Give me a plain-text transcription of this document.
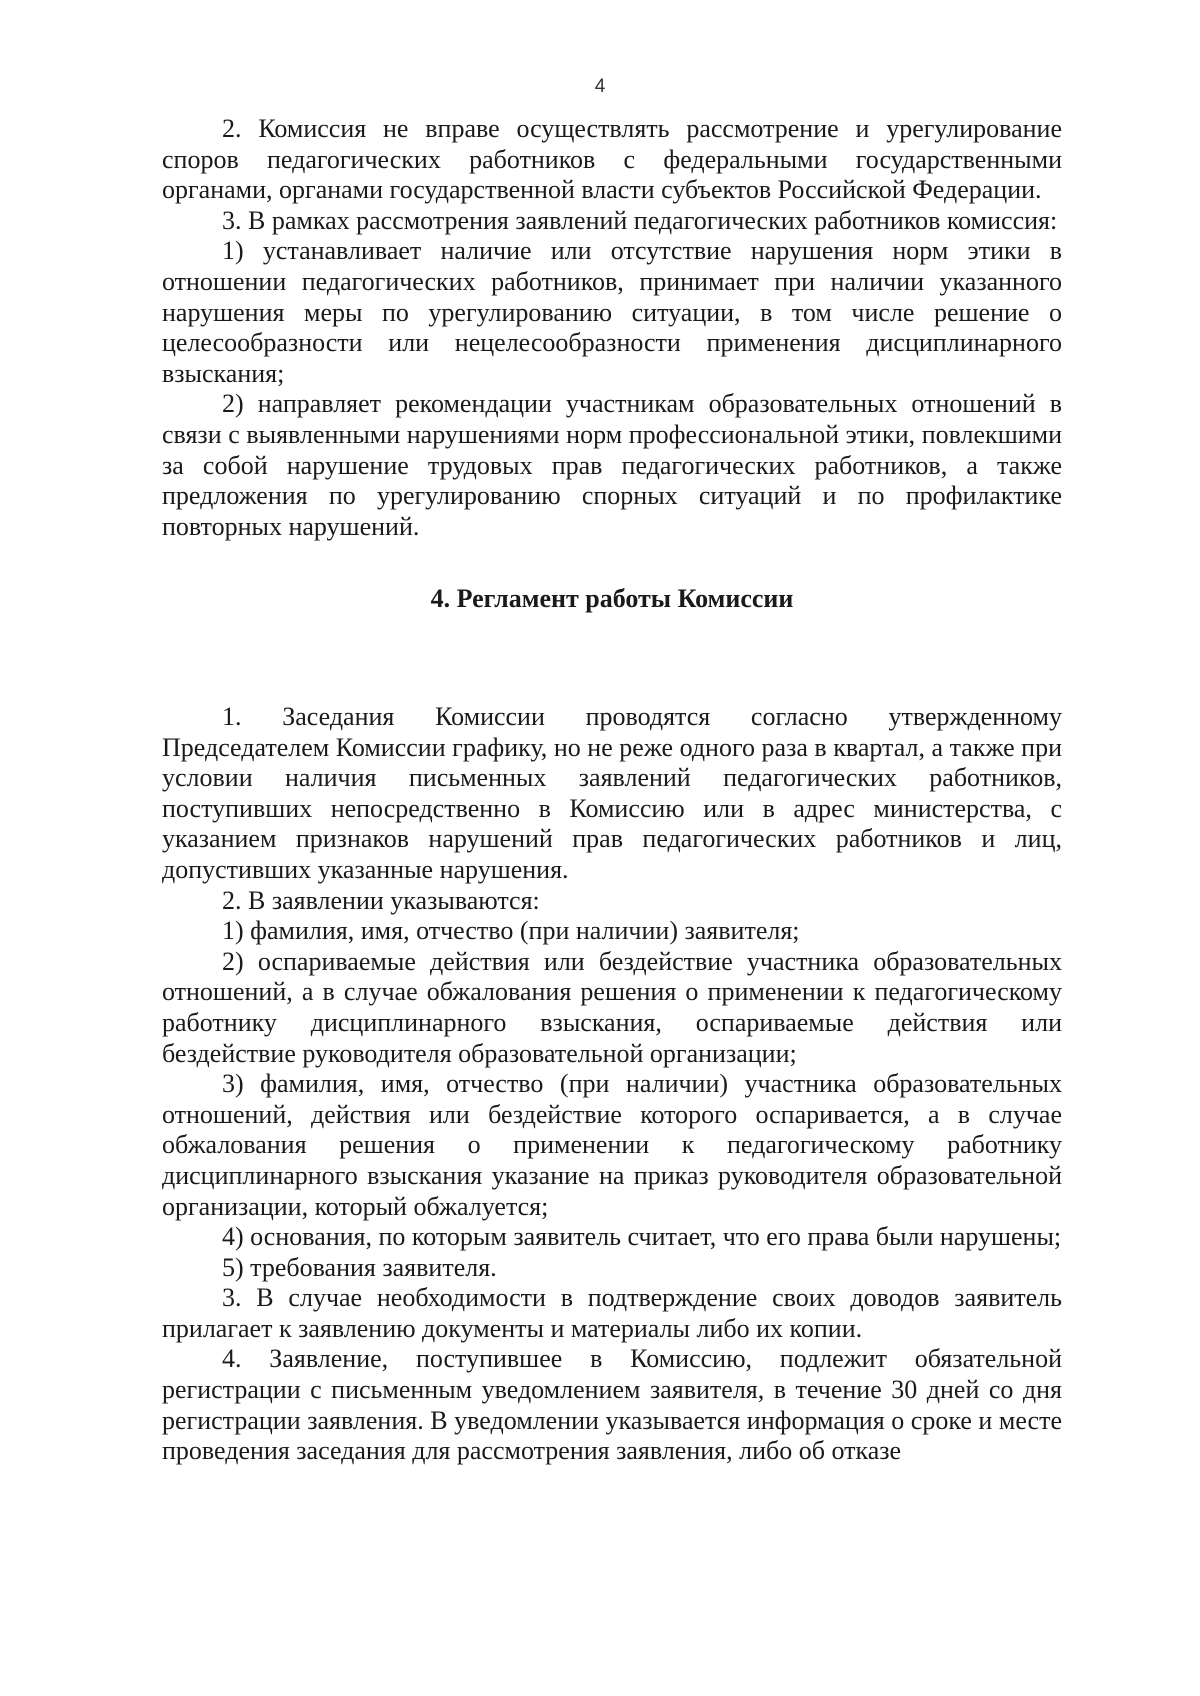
4

2. Комиссия не вправе осуществлять рассмотрение и урегулирование споров педагогических работников с федеральными государственными органами, органами государственной власти субъектов Российской Федерации.

3. В рамках рассмотрения заявлений педагогических работников комиссия:

1) устанавливает наличие или отсутствие нарушения норм этики в отношении педагогических работников, принимает при наличии указанного нарушения меры по урегулированию ситуации, в том числе решение о целесообразности или нецелесообразности применения дисциплинарного взыскания;

2) направляет рекомендации участникам образовательных отношений в связи с выявленными нарушениями норм профессиональной этики, повлекшими за собой нарушение трудовых прав педагогических работников, а также предложения по урегулированию спорных ситуаций и по профилактике повторных нарушений.

4. Регламент работы Комиссии

1. Заседания Комиссии проводятся согласно утвержденному Председателем Комиссии графику, но не реже одного раза в квартал, а также при условии наличия письменных заявлений педагогических работников, поступивших непосредственно в Комиссию или в адрес министерства, с указанием признаков нарушений прав педагогических работников и лиц, допустивших указанные нарушения.

2. В заявлении указываются:

1) фамилия, имя, отчество (при наличии) заявителя;

2) оспариваемые действия или бездействие участника образовательных отношений, а в случае обжалования решения о применении к педагогическому работнику дисциплинарного взыскания, оспариваемые действия или бездействие руководителя образовательной организации;

3) фамилия, имя, отчество (при наличии) участника образовательных отношений, действия или бездействие которого оспаривается, а в случае обжалования решения о применении к педагогическому работнику дисциплинарного взыскания указание на приказ руководителя образовательной организации, который обжалуется;

4) основания, по которым заявитель считает, что его права были нарушены;

5) требования заявителя.

3. В случае необходимости в подтверждение своих доводов заявитель прилагает к заявлению документы и материалы либо их копии.

4. Заявление, поступившее в Комиссию, подлежит обязательной регистрации с письменным уведомлением заявителя, в течение 30 дней со дня регистрации заявления. В уведомлении указывается информация о сроке и месте проведения заседания для рассмотрения заявления, либо об отказе
